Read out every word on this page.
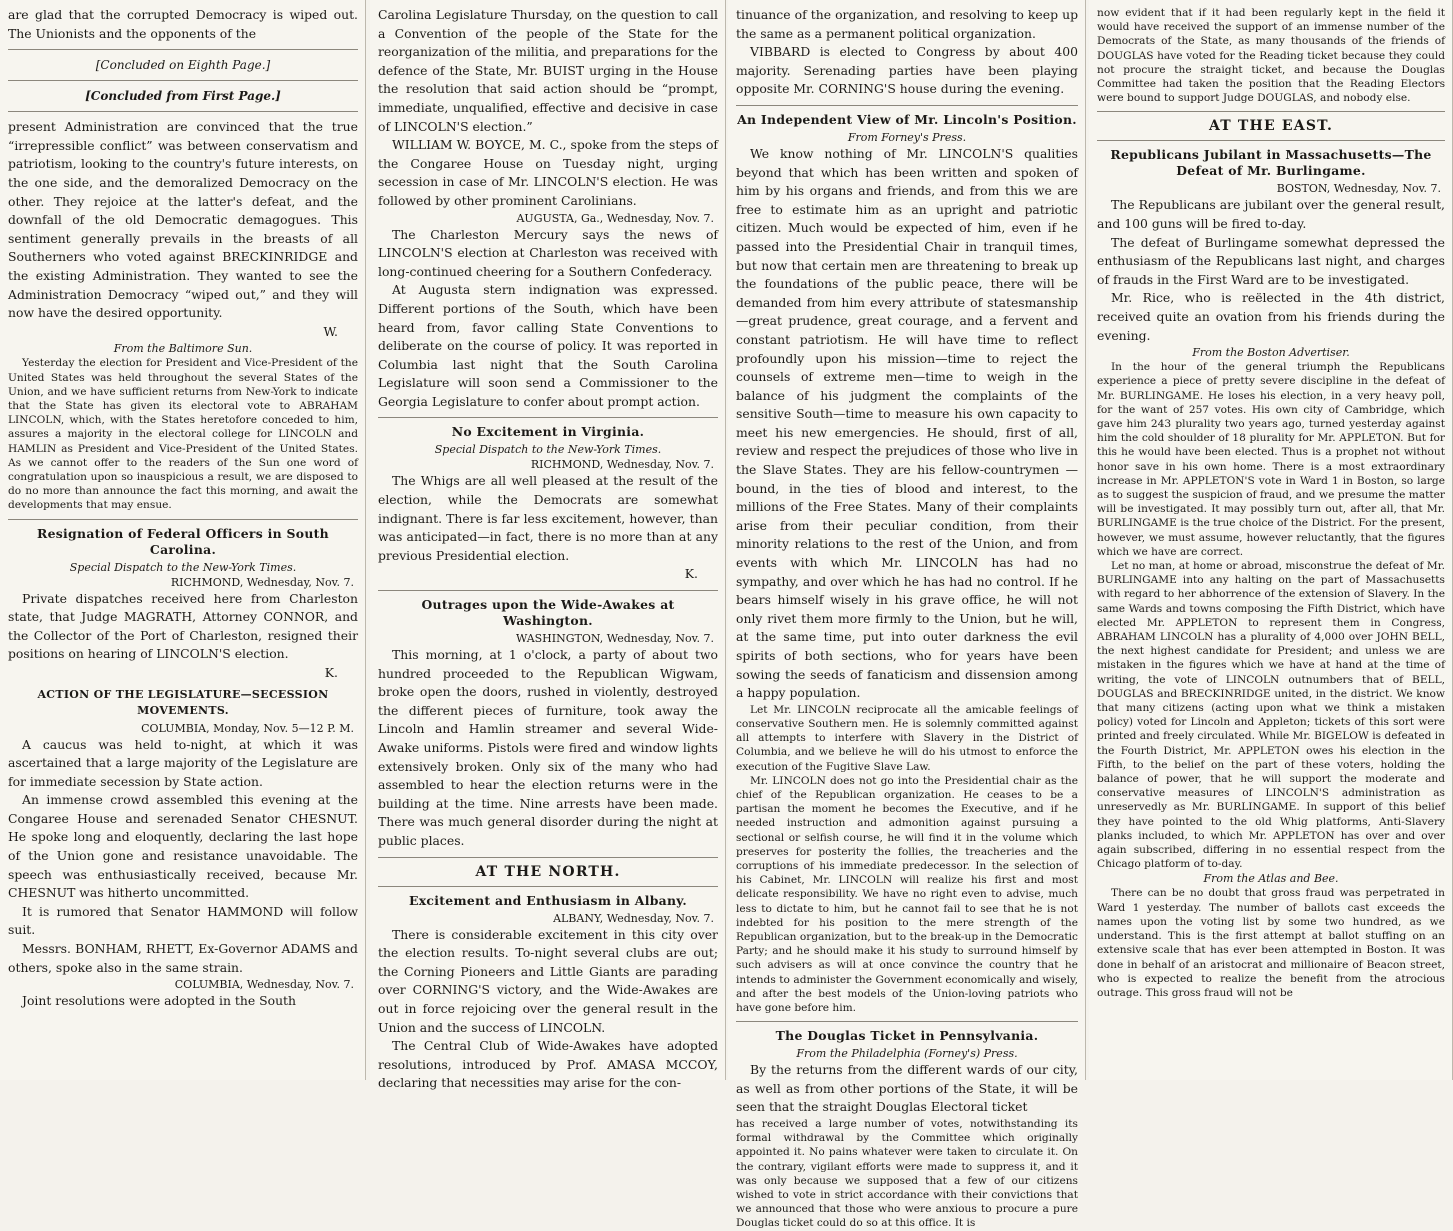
are glad that the corrupted Democracy is wiped out. The Unionists and the opponents of the

[Concluded on Eighth Page.]
[Concluded from First Page.]

present Administration are convinced that the true “irrepressible conflict” was between conservatism and patriotism, looking to the country's future interests, on the one side, and the demoralized Democracy on the other. They rejoice at the latter's defeat, and the downfall of the old Democratic demagogues. This sentiment generally prevails in the breasts of all Southerners who voted against BRECKINRIDGE and the existing Administration. They wanted to see the Administration Democracy “wiped out,” and they will now have the desired opportunity.

W.
From the Baltimore Sun.

Yesterday the election for President and Vice-President of the United States was held throughout the several States of the Union, and we have sufficient returns from New-York to indicate that the State has given its electoral vote to ABRAHAM LINCOLN, which, with the States heretofore conceded to him, assures a majority in the electoral college for LINCOLN and HAMLIN as President and Vice-President of the United States. As we cannot offer to the readers of the Sun one word of congratulation upon so inauspicious a result, we are disposed to do no more than announce the fact this morning, and await the developments that may ensue.

Resignation of Federal Officers in South Carolina.
Special Dispatch to the New-York Times.
RICHMOND, Wednesday, Nov. 7.

Private dispatches received here from Charleston state, that Judge MAGRATH, Attorney CONNOR, and the Collector of the Port of Charleston, resigned their positions on hearing of LINCOLN'S election.

K.
ACTION OF THE LEGISLATURE—SECESSION MOVEMENTS.
COLUMBIA, Monday, Nov. 5—12 P. M.

A caucus was held to-night, at which it was ascertained that a large majority of the Legislature are for immediate secession by State action.

An immense crowd assembled this evening at the Congaree House and serenaded Senator CHESNUT. He spoke long and eloquently, declaring the last hope of the Union gone and resistance unavoidable. The speech was enthusiastically received, because Mr. CHESNUT was hitherto uncommitted.

It is rumored that Senator HAMMOND will follow suit.

Messrs. BONHAM, RHETT, Ex-Governor ADAMS and others, spoke also in the same strain.

COLUMBIA, Wednesday, Nov. 7.

Joint resolutions were adopted in the South

Carolina Legislature Thursday, on the question to call a Convention of the people of the State for the reorganization of the militia, and preparations for the defence of the State, Mr. BUIST urging in the House the resolution that said action should be “prompt, immediate, unqualified, effective and decisive in case of LINCOLN'S election.”

WILLIAM W. BOYCE, M. C., spoke from the steps of the Congaree House on Tuesday night, urging secession in case of Mr. LINCOLN'S election. He was followed by other prominent Carolinians.

AUGUSTA, Ga., Wednesday, Nov. 7.

The Charleston Mercury says the news of LINCOLN'S election at Charleston was received with long-continued cheering for a Southern Confederacy.

At Augusta stern indignation was expressed. Different portions of the South, which have been heard from, favor calling State Conventions to deliberate on the course of policy. It was reported in Columbia last night that the South Carolina Legislature will soon send a Commissioner to the Georgia Legislature to confer about prompt action.

No Excitement in Virginia.
Special Dispatch to the New-York Times.
RICHMOND, Wednesday, Nov. 7.

The Whigs are all well pleased at the result of the election, while the Democrats are somewhat indignant. There is far less excitement, however, than was anticipated—in fact, there is no more than at any previous Presidential election.

K.
Outrages upon the Wide-Awakes at Washington.
WASHINGTON, Wednesday, Nov. 7.

This morning, at 1 o'clock, a party of about two hundred proceeded to the Republican Wigwam, broke open the doors, rushed in violently, destroyed the different pieces of furniture, took away the Lincoln and Hamlin streamer and several Wide-Awake uniforms. Pistols were fired and window lights extensively broken. Only six of the many who had assembled to hear the election returns were in the building at the time. Nine arrests have been made. There was much general disorder during the night at public places.

AT THE NORTH.
Excitement and Enthusiasm in Albany.
ALBANY, Wednesday, Nov. 7.

There is considerable excitement in this city over the election results. To-night several clubs are out; the Corning Pioneers and Little Giants are parading over CORNING'S victory, and the Wide-Awakes are out in force rejoicing over the general result in the Union and the success of LINCOLN.

The Central Club of Wide-Awakes have adopted resolutions, introduced by Prof. AMASA MCCOY, declaring that necessities may arise for the con-

tinuance of the organization, and resolving to keep up the same as a permanent political organization.

VIBBARD is elected to Congress by about 400 majority. Serenading parties have been playing opposite Mr. CORNING'S house during the evening.

An Independent View of Mr. Lincoln's Position.
From Forney's Press.

We know nothing of Mr. LINCOLN'S qualities beyond that which has been written and spoken of him by his organs and friends, and from this we are free to estimate him as an upright and patriotic citizen. Much would be expected of him, even if he passed into the Presidential Chair in tranquil times, but now that certain men are threatening to break up the foundations of the public peace, there will be demanded from him every attribute of statesmanship—great prudence, great courage, and a fervent and constant patriotism. He will have time to reflect profoundly upon his mission—time to reject the counsels of extreme men—time to weigh in the balance of his judgment the complaints of the sensitive South—time to measure his own capacity to meet his new emergencies. He should, first of all, review and respect the prejudices of those who live in the Slave States. They are his fellow-countrymen —bound, in the ties of blood and interest, to the millions of the Free States. Many of their complaints arise from their peculiar condition, from their minority relations to the rest of the Union, and from events with which Mr. LINCOLN has had no sympathy, and over which he has had no control. If he bears himself wisely in his grave office, he will not only rivet them more firmly to the Union, but he will, at the same time, put into outer darkness the evil spirits of both sections, who for years have been sowing the seeds of fanaticism and dissension among a happy population.

Let Mr. LINCOLN reciprocate all the amicable feelings of conservative Southern men. He is solemnly committed against all attempts to interfere with Slavery in the District of Columbia, and we believe he will do his utmost to enforce the execution of the Fugitive Slave Law.

Mr. LINCOLN does not go into the Presidential chair as the chief of the Republican organization. He ceases to be a partisan the moment he becomes the Executive, and if he needed instruction and admonition against pursuing a sectional or selfish course, he will find it in the volume which preserves for posterity the follies, the treacheries and the corruptions of his immediate predecessor. In the selection of his Cabinet, Mr. LINCOLN will realize his first and most delicate responsibility. We have no right even to advise, much less to dictate to him, but he cannot fail to see that he is not indebted for his position to the mere strength of the Republican organization, but to the break-up in the Democratic Party; and he should make it his study to surround himself by such advisers as will at once convince the country that he intends to administer the Government economically and wisely, and after the best models of the Union-loving patriots who have gone before him.

The Douglas Ticket in Pennsylvania.
From the Philadelphia (Forney's) Press.

By the returns from the different wards of our city, as well as from other portions of the State, it will be seen that the straight Douglas Electoral ticket

has received a large number of votes, notwithstanding its formal withdrawal by the Committee which originally appointed it. No pains whatever were taken to circulate it. On the contrary, vigilant efforts were made to suppress it, and it was only because we supposed that a few of our citizens wished to vote in strict accordance with their convictions that we announced that those who were anxious to procure a pure Douglas ticket could do so at this office. It is

now evident that if it had been regularly kept in the field it would have received the support of an immense number of the Democrats of the State, as many thousands of the friends of DOUGLAS have voted for the Reading ticket because they could not procure the straight ticket, and because the Douglas Committee had taken the position that the Reading Electors were bound to support Judge DOUGLAS, and nobody else.

AT THE EAST.
Republicans Jubilant in Massachusetts—The Defeat of Mr. Burlingame.
BOSTON, Wednesday, Nov. 7.

The Republicans are jubilant over the general result, and 100 guns will be fired to-day.

The defeat of Burlingame somewhat depressed the enthusiasm of the Republicans last night, and charges of frauds in the First Ward are to be investigated.

Mr. Rice, who is reëlected in the 4th district, received quite an ovation from his friends during the evening.

From the Boston Advertiser.

In the hour of the general triumph the Republicans experience a piece of pretty severe discipline in the defeat of Mr. BURLINGAME. He loses his election, in a very heavy poll, for the want of 257 votes. His own city of Cambridge, which gave him 243 plurality two years ago, turned yesterday against him the cold shoulder of 18 plurality for Mr. APPLETON. But for this he would have been elected. Thus is a prophet not without honor save in his own home. There is a most extraordinary increase in Mr. APPLETON'S vote in Ward 1 in Boston, so large as to suggest the suspicion of fraud, and we presume the matter will be investigated. It may possibly turn out, after all, that Mr. BURLINGAME is the true choice of the District. For the present, however, we must assume, however reluctantly, that the figures which we have are correct.

Let no man, at home or abroad, misconstrue the defeat of Mr. BURLINGAME into any halting on the part of Massachusetts with regard to her abhorrence of the extension of Slavery. In the same Wards and towns composing the Fifth District, which have elected Mr. APPLETON to represent them in Congress, ABRAHAM LINCOLN has a plurality of 4,000 over JOHN BELL, the next highest candidate for President; and unless we are mistaken in the figures which we have at hand at the time of writing, the vote of LINCOLN outnumbers that of BELL, DOUGLAS and BRECKINRIDGE united, in the district. We know that many citizens (acting upon what we think a mistaken policy) voted for Lincoln and Appleton; tickets of this sort were printed and freely circulated. While Mr. BIGELOW is defeated in the Fourth District, Mr. APPLETON owes his election in the Fifth, to the belief on the part of these voters, holding the balance of power, that he will support the moderate and conservative measures of LINCOLN'S administration as unreservedly as Mr. BURLINGAME. In support of this belief they have pointed to the old Whig platforms, Anti-Slavery planks included, to which Mr. APPLETON has over and over again subscribed, differing in no essential respect from the Chicago platform of to-day.

From the Atlas and Bee.

There can be no doubt that gross fraud was perpetrated in Ward 1 yesterday. The number of ballots cast exceeds the names upon the voting list by some two hundred, as we understand. This is the first attempt at ballot stuffing on an extensive scale that has ever been attempted in Boston. It was done in behalf of an aristocrat and millionaire of Beacon street, who is expected to realize the benefit from the atrocious outrage. This gross fraud will not be
